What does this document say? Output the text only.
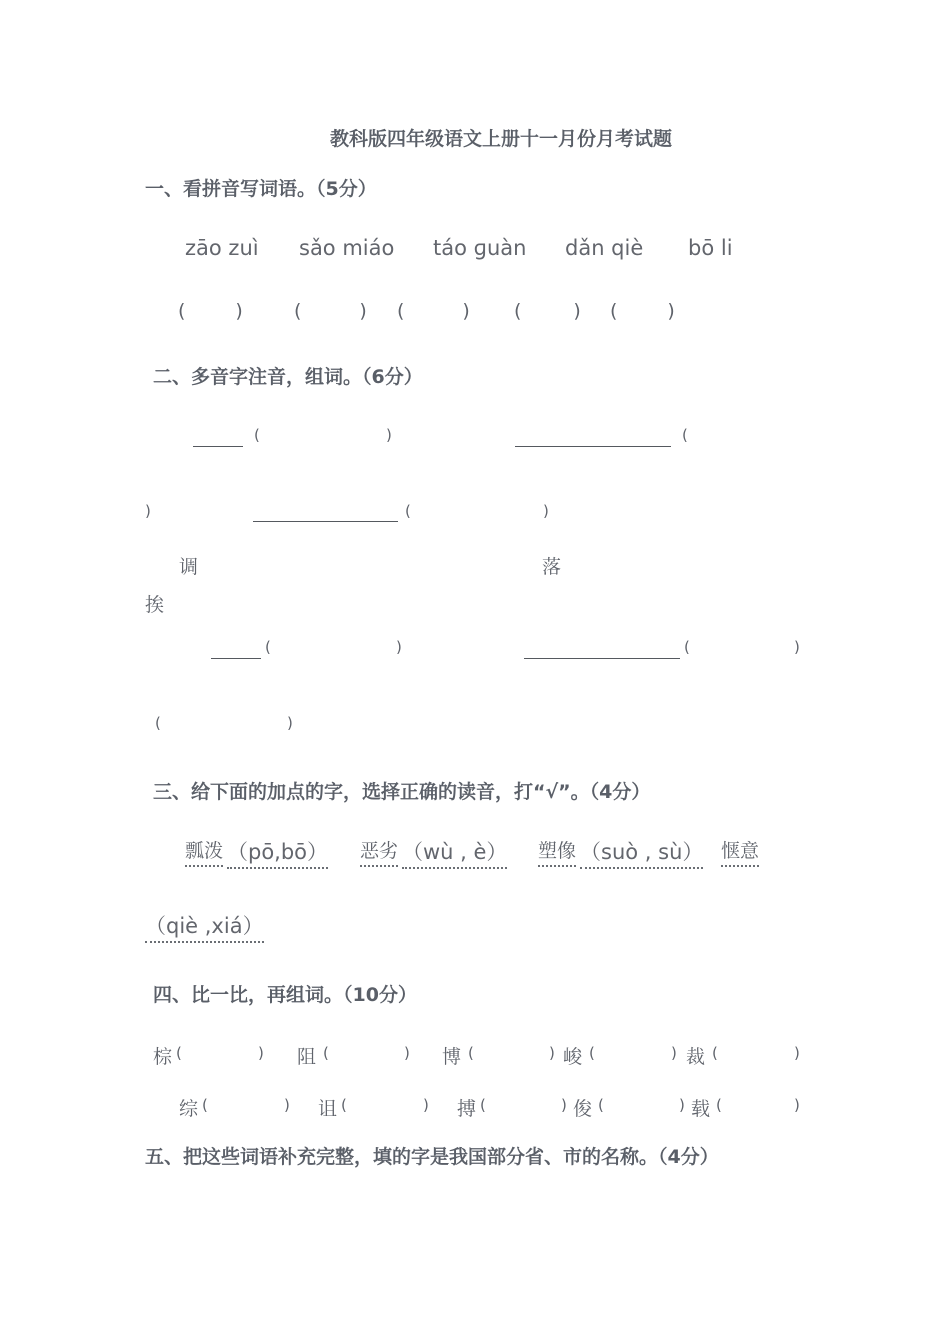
教科版四年级语文上册十一月份月考试题
一、看拼音写词语。（5分）
zāo zuì sǎo miáo táo ɡuàn dǎn qiè bō li
(	)	(	) (	) (	) (	)
二、多音字注音，组词。（6分）
(	)	(
)	(	)
调	落
挨
(	)	(	)
(	)
三、给下面的加点的字，选择正确的读音，打“√”。（4分）
瓢泼 （pō,bō） 恶劣 （wù , è） 塑像 （suò , sù） 惬意
（qiè ,xiá）
四、比一比，再组词。（10分）
棕 (	) 阻 (	) 博 (	) 峻 (	) 裁 (	)
综 (	) 诅 (	) 搏 (	) 俊 (	) 载 (	)
五、把这些词语补充完整，填的字是我国部分省、市的名称。（4分）
